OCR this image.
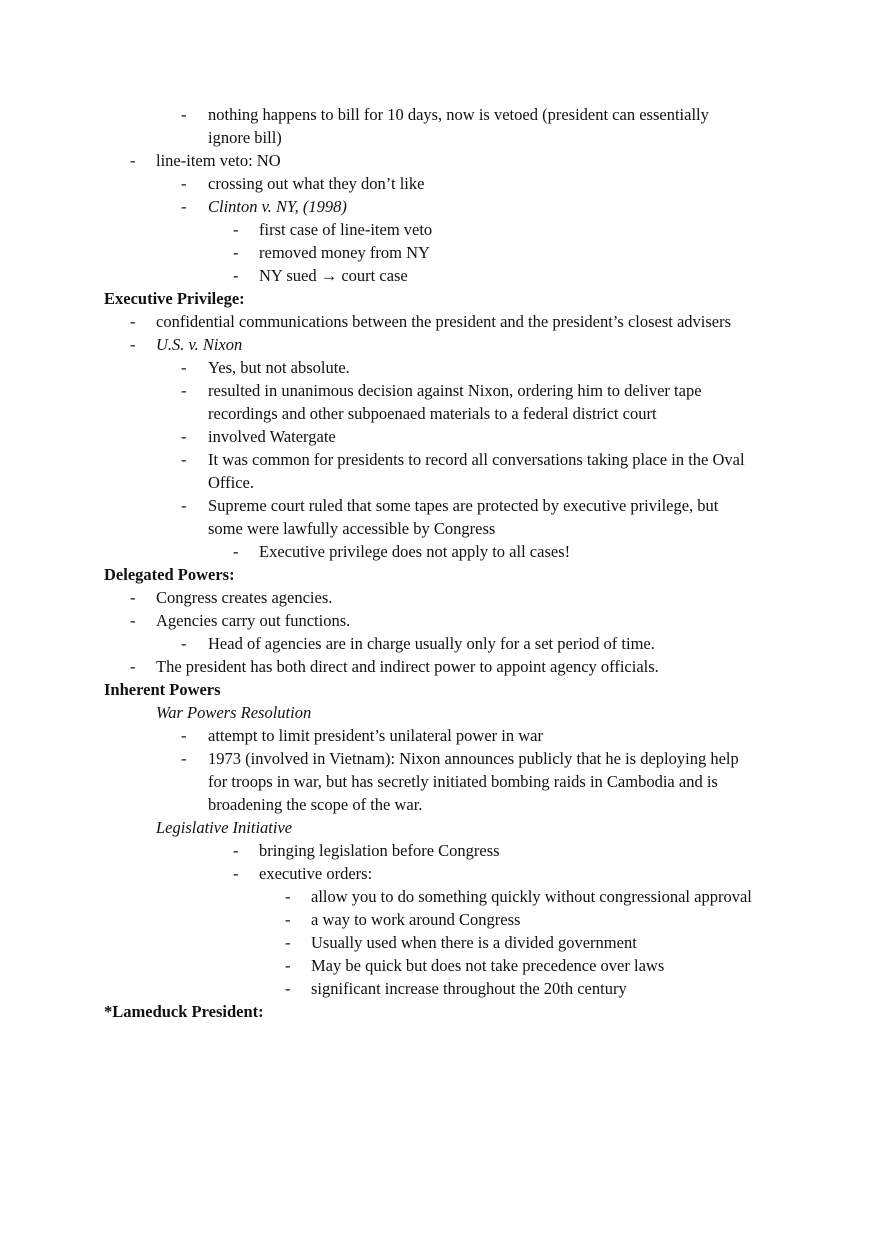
- nothing happens to bill for 10 days, now is vetoed (president can essentially
ignore bill)
- line-item veto: NO
- crossing out what they don’t like
- Clinton v. NY, (1998)
- first case of line-item veto
- removed money from NY
- NY sued → court case
Executive Privilege:
- confidential communications between the president and the president’s closest advisers
- U.S. v. Nixon
- Yes, but not absolute.
- resulted in unanimous decision against Nixon, ordering him to deliver tape
recordings and other subpoenaed materials to a federal district court
- involved Watergate
- It was common for presidents to record all conversations taking place in the Oval
Office.
- Supreme court ruled that some tapes are protected by executive privilege, but
some were lawfully accessible by Congress
- Executive privilege does not apply to all cases!
Delegated Powers:
- Congress creates agencies.
- Agencies carry out functions.
- Head of agencies are in charge usually only for a set period of time.
- The president has both direct and indirect power to appoint agency officials.
Inherent Powers
War Powers Resolution
- attempt to limit president’s unilateral power in war
- 1973 (involved in Vietnam): Nixon announces publicly that he is deploying help
for troops in war, but has secretly initiated bombing raids in Cambodia and is
broadening the scope of the war.
Legislative Initiative
- bringing legislation before Congress
- executive orders:
- allow you to do something quickly without congressional approval
- a way to work around Congress
- Usually used when there is a divided government
- May be quick but does not take precedence over laws
- significant increase throughout the 20th century
*Lameduck President:
